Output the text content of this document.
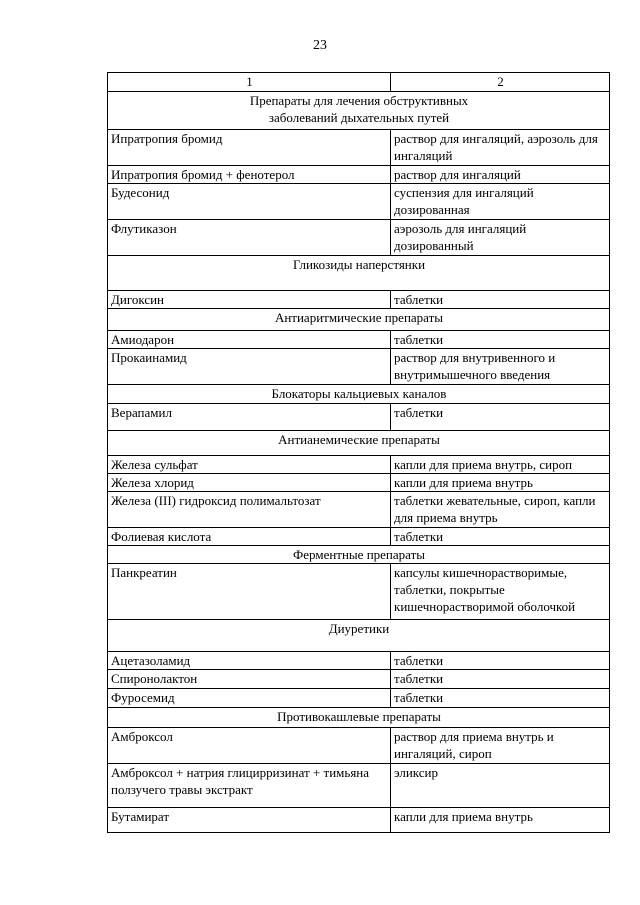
23
1	2
Препараты для лечения обструктивных
заболеваний дыхательных путей	
Ипратропия бромид	раствор для ингаляций, аэрозоль для ингаляций
Ипратропия бромид + фенотерол	раствор для ингаляций
Будесонид	суспензия для ингаляций дозированная
Флутиказон	аэрозоль для ингаляций дозированный
Гликозиды наперстянки	
Дигоксин	таблетки
Антиаритмические препараты	
Амиодарон	таблетки
Прокаинамид	раствор для внутривенного и внутримышечного введения
Блокаторы кальциевых каналов	
Верапамил	таблетки
Антианемические препараты	
Железа сульфат	капли для приема внутрь, сироп
Железа хлорид	капли для приема внутрь
Железа (III) гидроксид полимальтозат	таблетки жевательные, сироп, капли для приема внутрь
Фолиевая кислота	таблетки
Ферментные препараты	
Панкреатин	капсулы кишечнорастворимые, таблетки, покрытые кишечнорастворимой оболочкой
Диуретики	
Ацетазоламид	таблетки
Спиронолактон	таблетки
Фуросемид	таблетки
Противокашлевые препараты	
Амброксол	раствор для приема внутрь и ингаляций, сироп
Амброксол + натрия глицирризинат + тимьяна ползучего травы экстракт	эликсир
Бутамират	капли для приема внутрь
